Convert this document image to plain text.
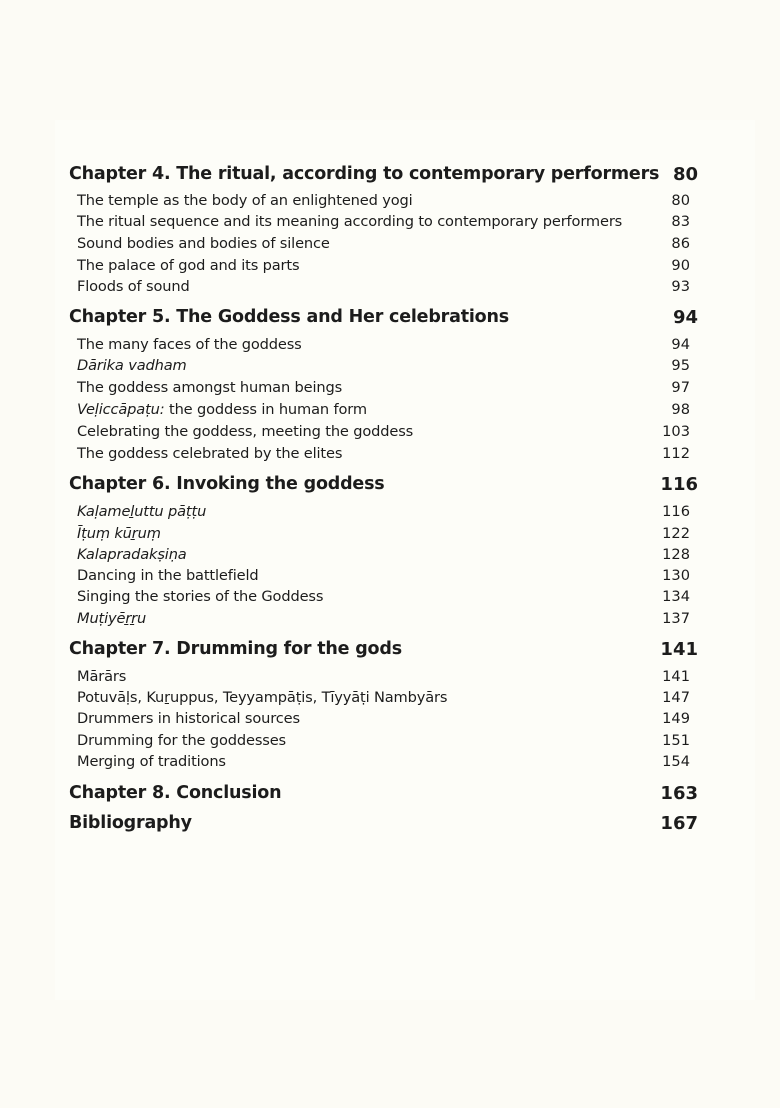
Chapter 4. The ritual, according to contemporary performers 80
The temple as the body of an enlightened yogi	80
The ritual sequence and its meaning according to contemporary performers	83
Sound bodies and bodies of silence	86
The palace of god and its parts	90
Floods of sound	93
Chapter 5. The Goddess and Her celebrations	94
The many faces of the goddess	94
Dārika vadham	95
The goddess amongst human beings	97
Veḷiccāpaṭu: the goddess in human form	98
Celebrating the goddess, meeting the goddess	103
The goddess celebrated by the elites	112
Chapter 6. Invoking the goddess	116
Kaḷameḻuttu pāṭṭu	116
Īṭuṃ kūṟuṃ	122
Kalapradakṣiṇa	128
Dancing in the battlefield	130
Singing the stories of the Goddess	134
Muṭiyēṟṟu	137
Chapter 7. Drumming for the gods	141
Mārārs	141
Potuvāḷs, Kuṟuppus, Teyyampāṭis, Tīyyāṭi Nambyārs	147
Drummers in historical sources	149
Drumming for the goddesses	151
Merging of traditions	154
Chapter 8. Conclusion	163
Bibliography	167
